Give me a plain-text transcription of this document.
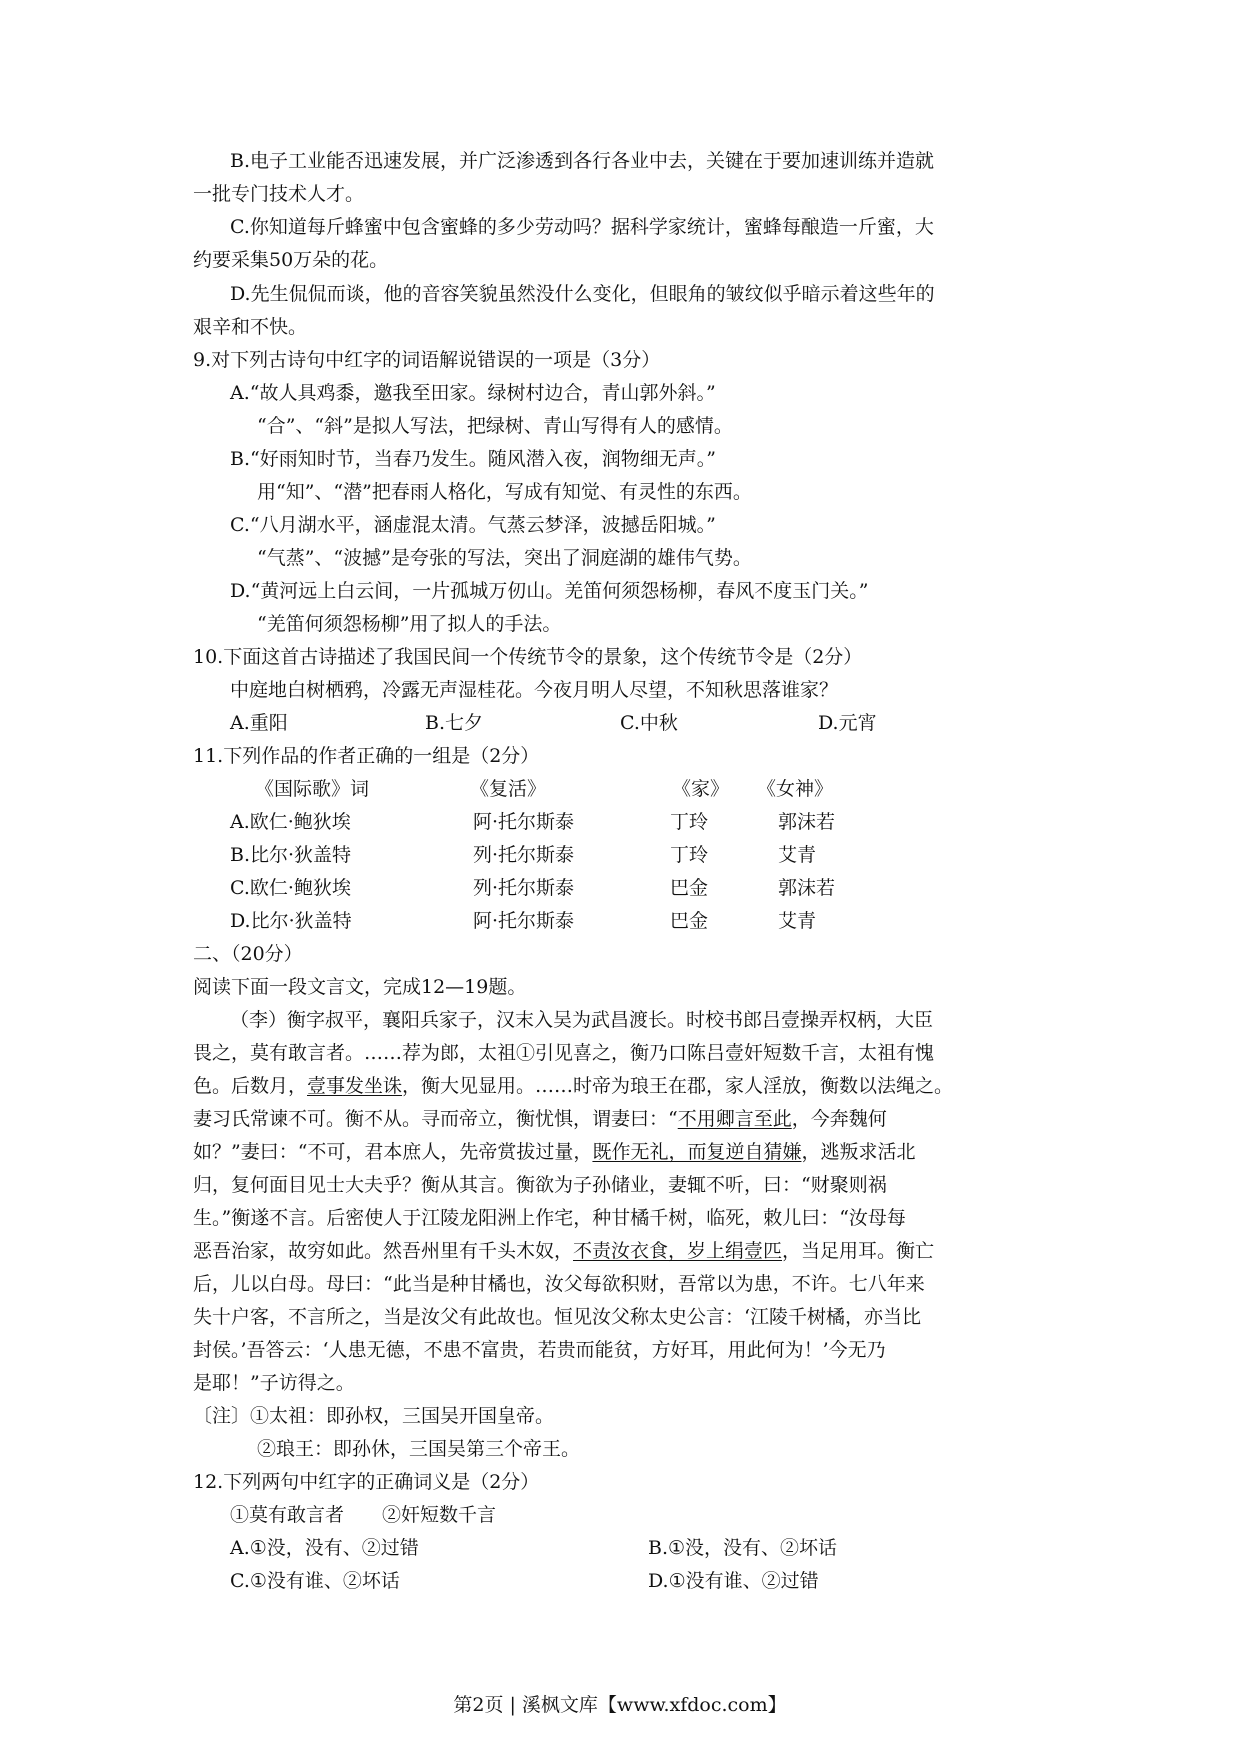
B.电子工业能否迅速发展，并广泛渗透到各行各业中去，关键在于要加速训练并造就
一批专门技术人才。
C.你知道每斤蜂蜜中包含蜜蜂的多少劳动吗？据科学家统计，蜜蜂每酿造一斤蜜，大
约要采集50万朵的花。
D.先生侃侃而谈，他的音容笑貌虽然没什么变化，但眼角的皱纹似乎暗示着这些年的
艰辛和不快。
9.对下列古诗句中红字的词语解说错误的一项是（3分）
A.“故人具鸡黍，邀我至田家。绿树村边合，青山郭外斜。”
“合”、“斜”是拟人写法，把绿树、青山写得有人的感情。
B.“好雨知时节，当春乃发生。随风潜入夜，润物细无声。”
用“知”、“潜”把春雨人格化，写成有知觉、有灵性的东西。
C.“八月湖水平，涵虚混太清。气蒸云梦泽，波撼岳阳城。”
“气蒸”、“波撼”是夸张的写法，突出了洞庭湖的雄伟气势。
D.“黄河远上白云间，一片孤城万仞山。羌笛何须怨杨柳，春风不度玉门关。”
“羌笛何须怨杨柳”用了拟人的手法。
10.下面这首古诗描述了我国民间一个传统节令的景象，这个传统节令是（2分）
中庭地白树栖鸦，冷露无声湿桂花。今夜月明人尽望，不知秋思落谁家？
A.重阳	B.七夕	C.中秋	D.元宵
11.下列作品的作者正确的一组是（2分）
《国际歌》词	《复活》	《家》 《女神》
A.欧仁·鲍狄埃	阿·托尔斯泰	丁玲	郭沫若
B.比尔·狄盖特	列·托尔斯泰	丁玲	艾青
C.欧仁·鲍狄埃	列·托尔斯泰	巴金	郭沫若
D.比尔·狄盖特	阿·托尔斯泰	巴金	艾青
二、（20分）
阅读下面一段文言文，完成12—19题。
（李）衡字叔平，襄阳兵家子，汉末入吴为武昌渡长。时校书郎吕壹操弄权柄，大臣
畏之，莫有敢言者。……荐为郎，太祖①引见喜之，衡乃口陈吕壹奸短数千言，太祖有愧
色。后数月，壹事发坐诛，衡大见显用。……时帝为琅王在郡，家人淫放，衡数以法绳之。
妻习氏常谏不可。衡不从。寻而帝立，衡忧惧，谓妻曰：“不用卿言至此，今奔魏何
如？”妻曰：“不可，君本庶人，先帝赏拔过量，既作无礼，而复逆自猜嫌，逃叛求活北
归，复何面目见士大夫乎？衡从其言。衡欲为子孙储业，妻辄不听，曰：“财聚则祸
生。”衡遂不言。后密使人于江陵龙阳洲上作宅，种甘橘千树，临死，敕儿曰：“汝母每
恶吾治家，故穷如此。然吾州里有千头木奴，不责汝衣食，岁上绢壹匹，当足用耳。衡亡
后，儿以白母。母曰：“此当是种甘橘也，汝父每欲积财，吾常以为患，不许。七八年来
失十户客，不言所之，当是汝父有此故也。恒见汝父称太史公言：‘江陵千树橘，亦当比
封侯。’吾答云：‘人患无德，不患不富贵，若贵而能贫，方好耳，用此何为！’今无乃
是耶！”子访得之。
〔注〕①太祖：即孙权，三国吴开国皇帝。
②琅王：即孙休，三国吴第三个帝王。
12.下列两句中红字的正确词义是（2分）
①莫有敢言者　　②奸短数千言
A.①没，没有、②过错	B.①没，没有、②坏话
C.①没有谁、②坏话	D.①没有谁、②过错
第2页 | 溪枫文库【www.xfdoc.com】
